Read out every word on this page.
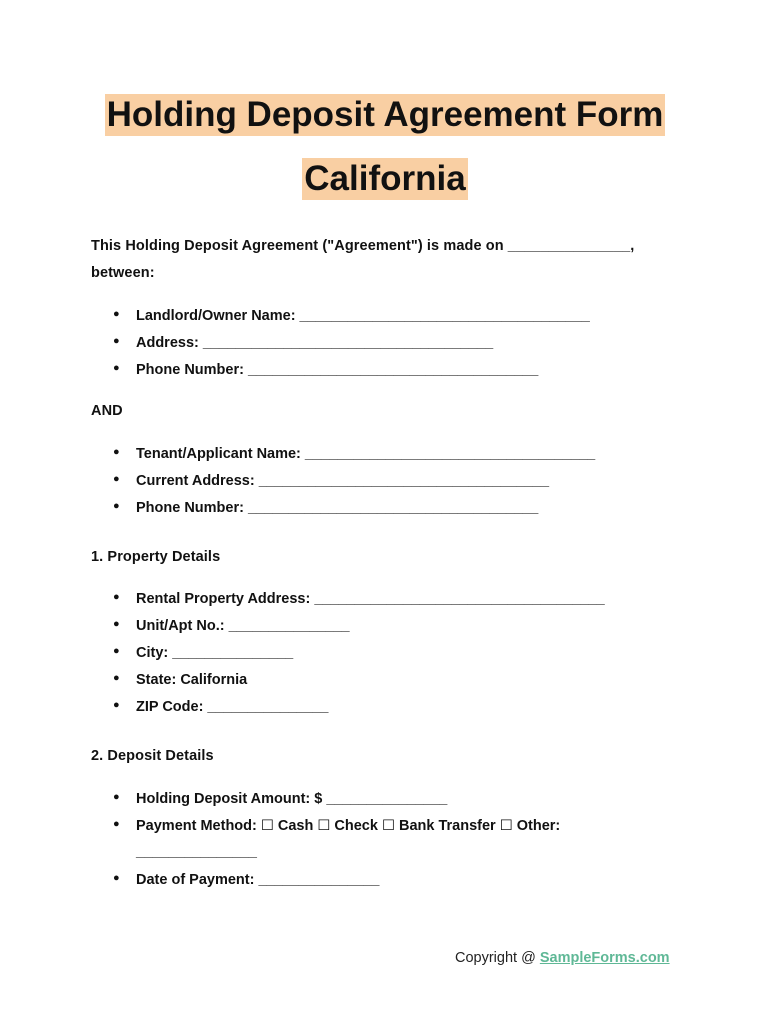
Holding Deposit Agreement Form
California
This Holding Deposit Agreement ("Agreement") is made on _______________,
between:
● Landlord/Owner Name: ____________________________________
● Address: ____________________________________
● Phone Number: ____________________________________
AND
● Tenant/Applicant Name: ____________________________________
● Current Address: ____________________________________
● Phone Number: ____________________________________
1. Property Details
● Rental Property Address: ____________________________________
● Unit/Apt No.: _______________
● City: _______________
● State: California
● ZIP Code: _______________
2. Deposit Details
● Holding Deposit Amount: $ _______________
● Payment Method: ☐ Cash ☐ Check ☐ Bank Transfer ☐ Other:
_______________
● Date of Payment: _______________
Copyright @ SampleForms.com
